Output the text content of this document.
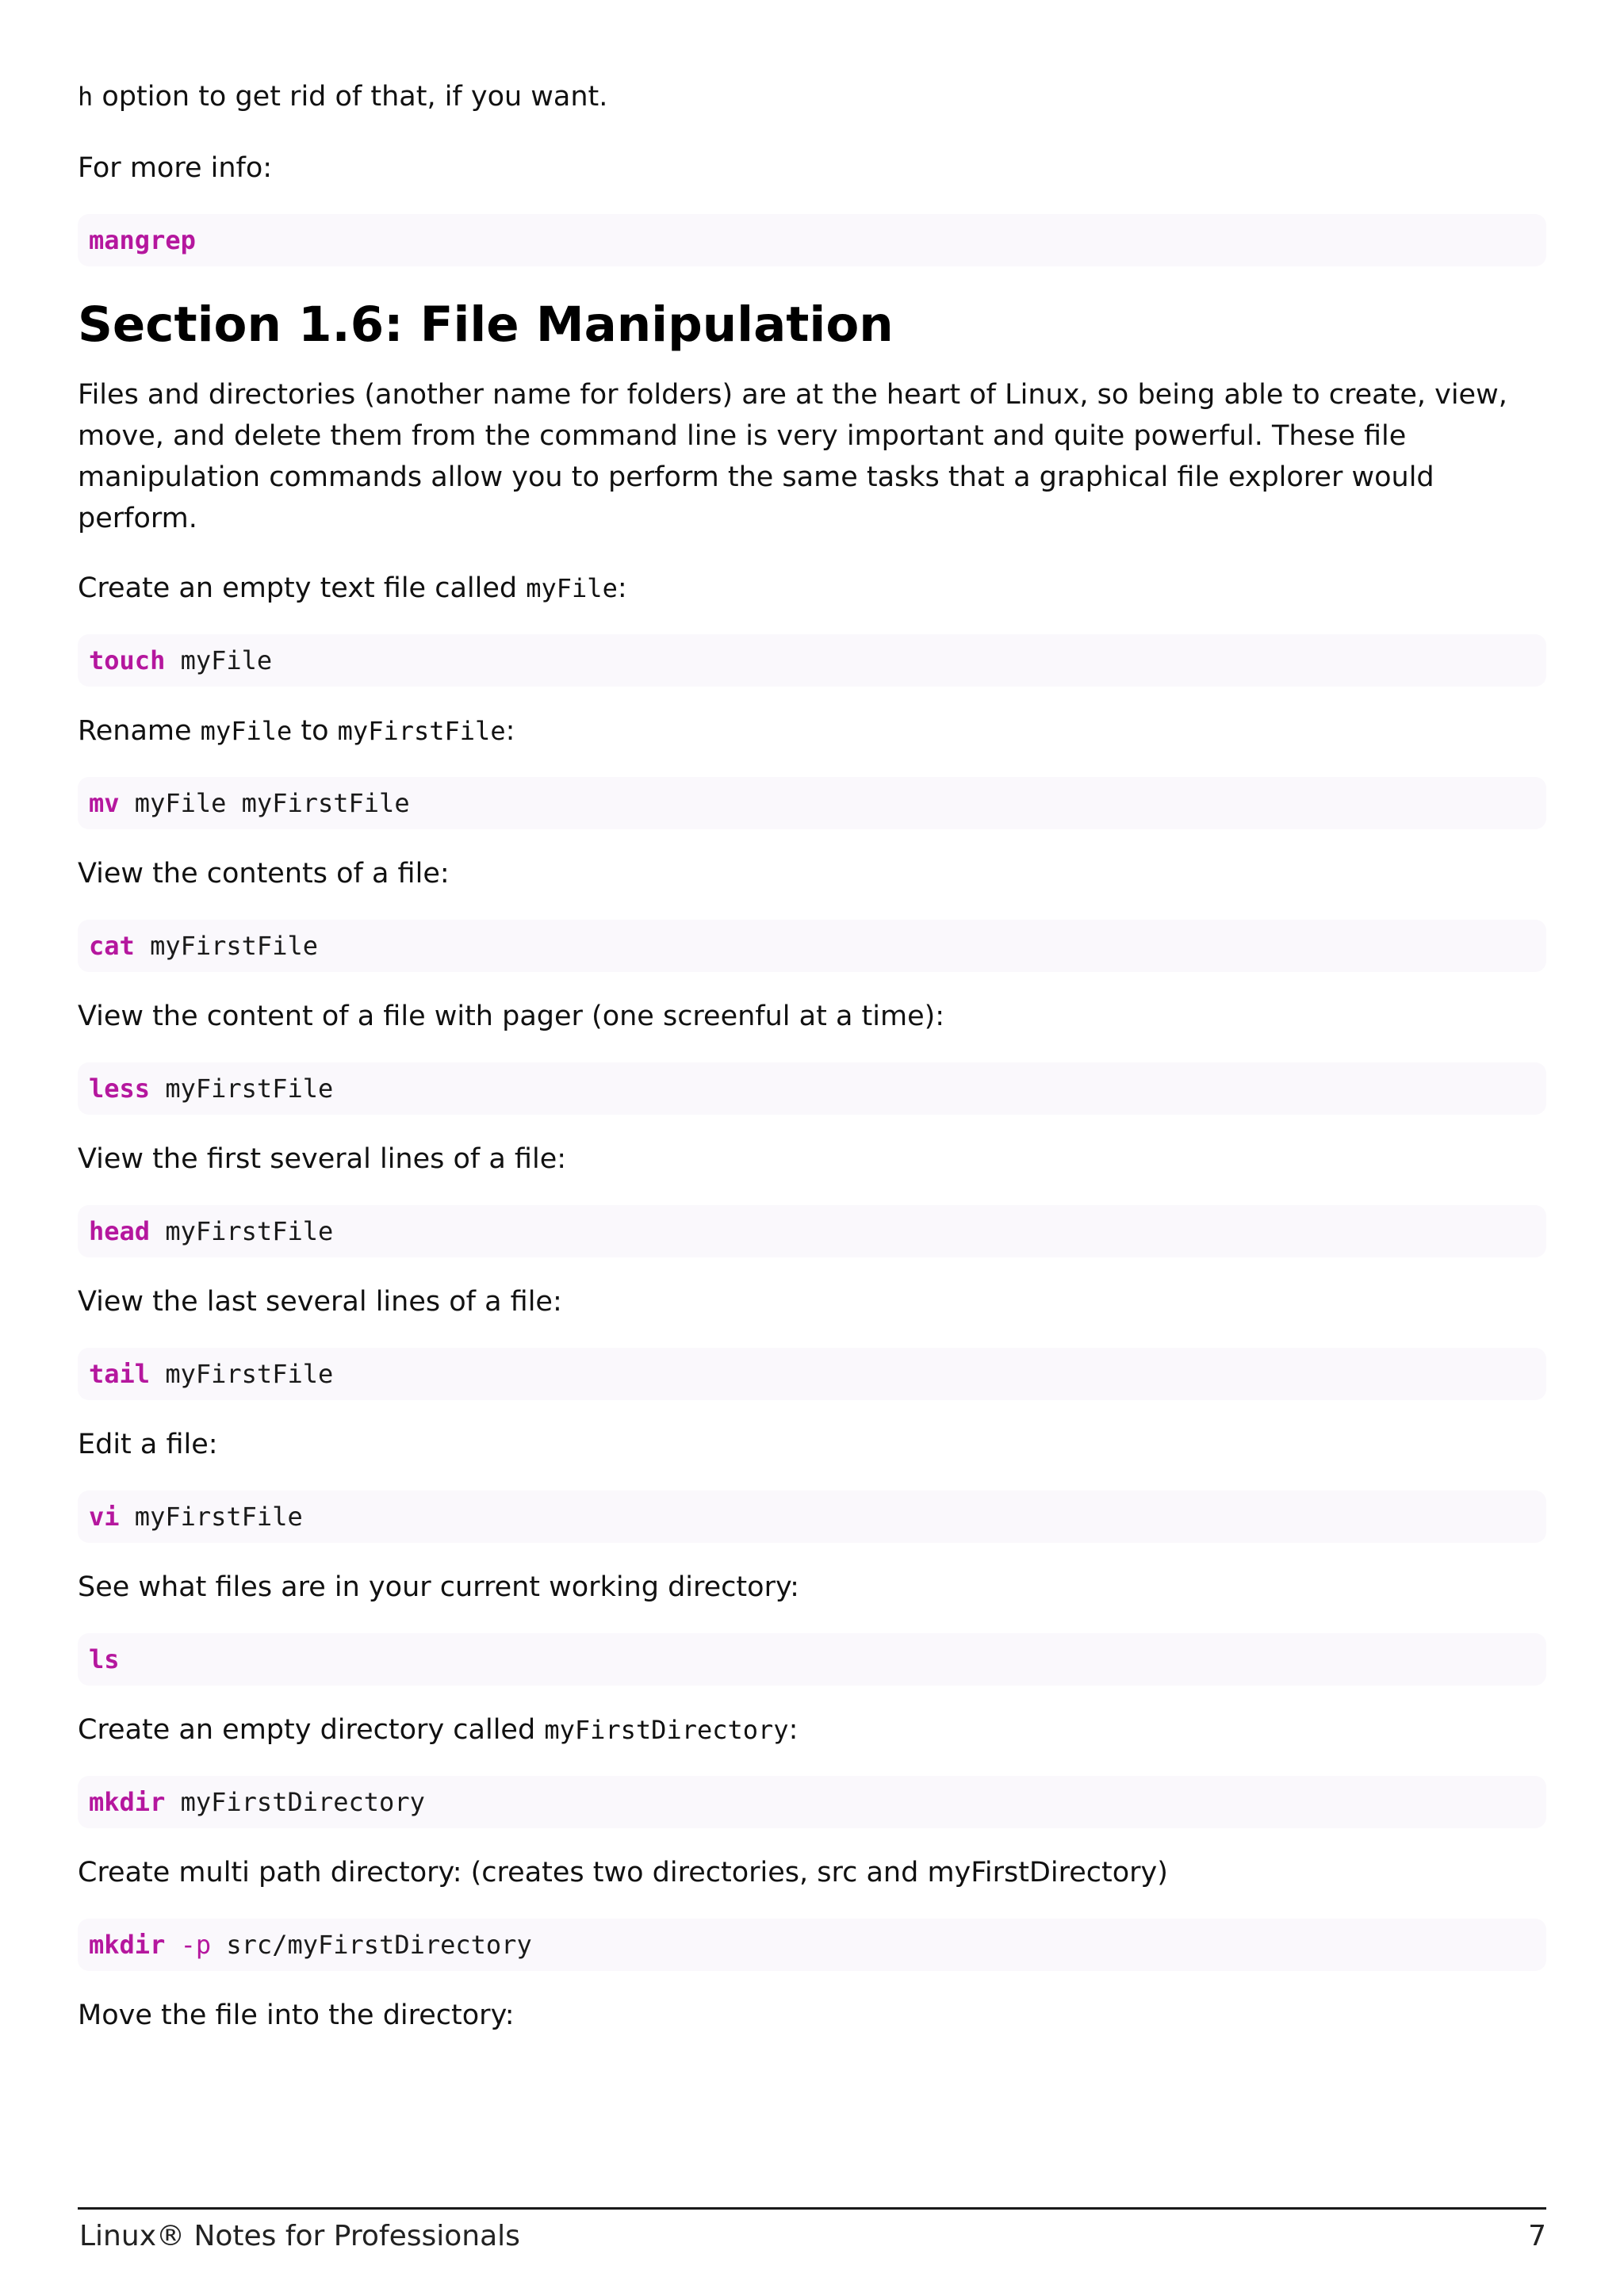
h option to get rid of that, if you want.

For more info:

man grep
Section 1.6: File Manipulation

Files and directories (another name for folders) are at the heart of Linux, so being able to create, view, move, and delete them from the command line is very important and quite powerful. These file manipulation commands allow you to perform the same tasks that a graphical file explorer would perform.

Create an empty text file called myFile:

touch myFile

Rename myFile to myFirstFile:

mv myFile myFirstFile

View the contents of a file:

cat myFirstFile

View the content of a file with pager (one screenful at a time):

less myFirstFile

View the first several lines of a file:

head myFirstFile

View the last several lines of a file:

tail myFirstFile

Edit a file:

vi myFirstFile

See what files are in your current working directory:

ls

Create an empty directory called myFirstDirectory:

mkdir myFirstDirectory

Create multi path directory: (creates two directories, src and myFirstDirectory)

mkdir -p src/myFirstDirectory

Move the file into the directory:

Linux® Notes for Professionals	7
